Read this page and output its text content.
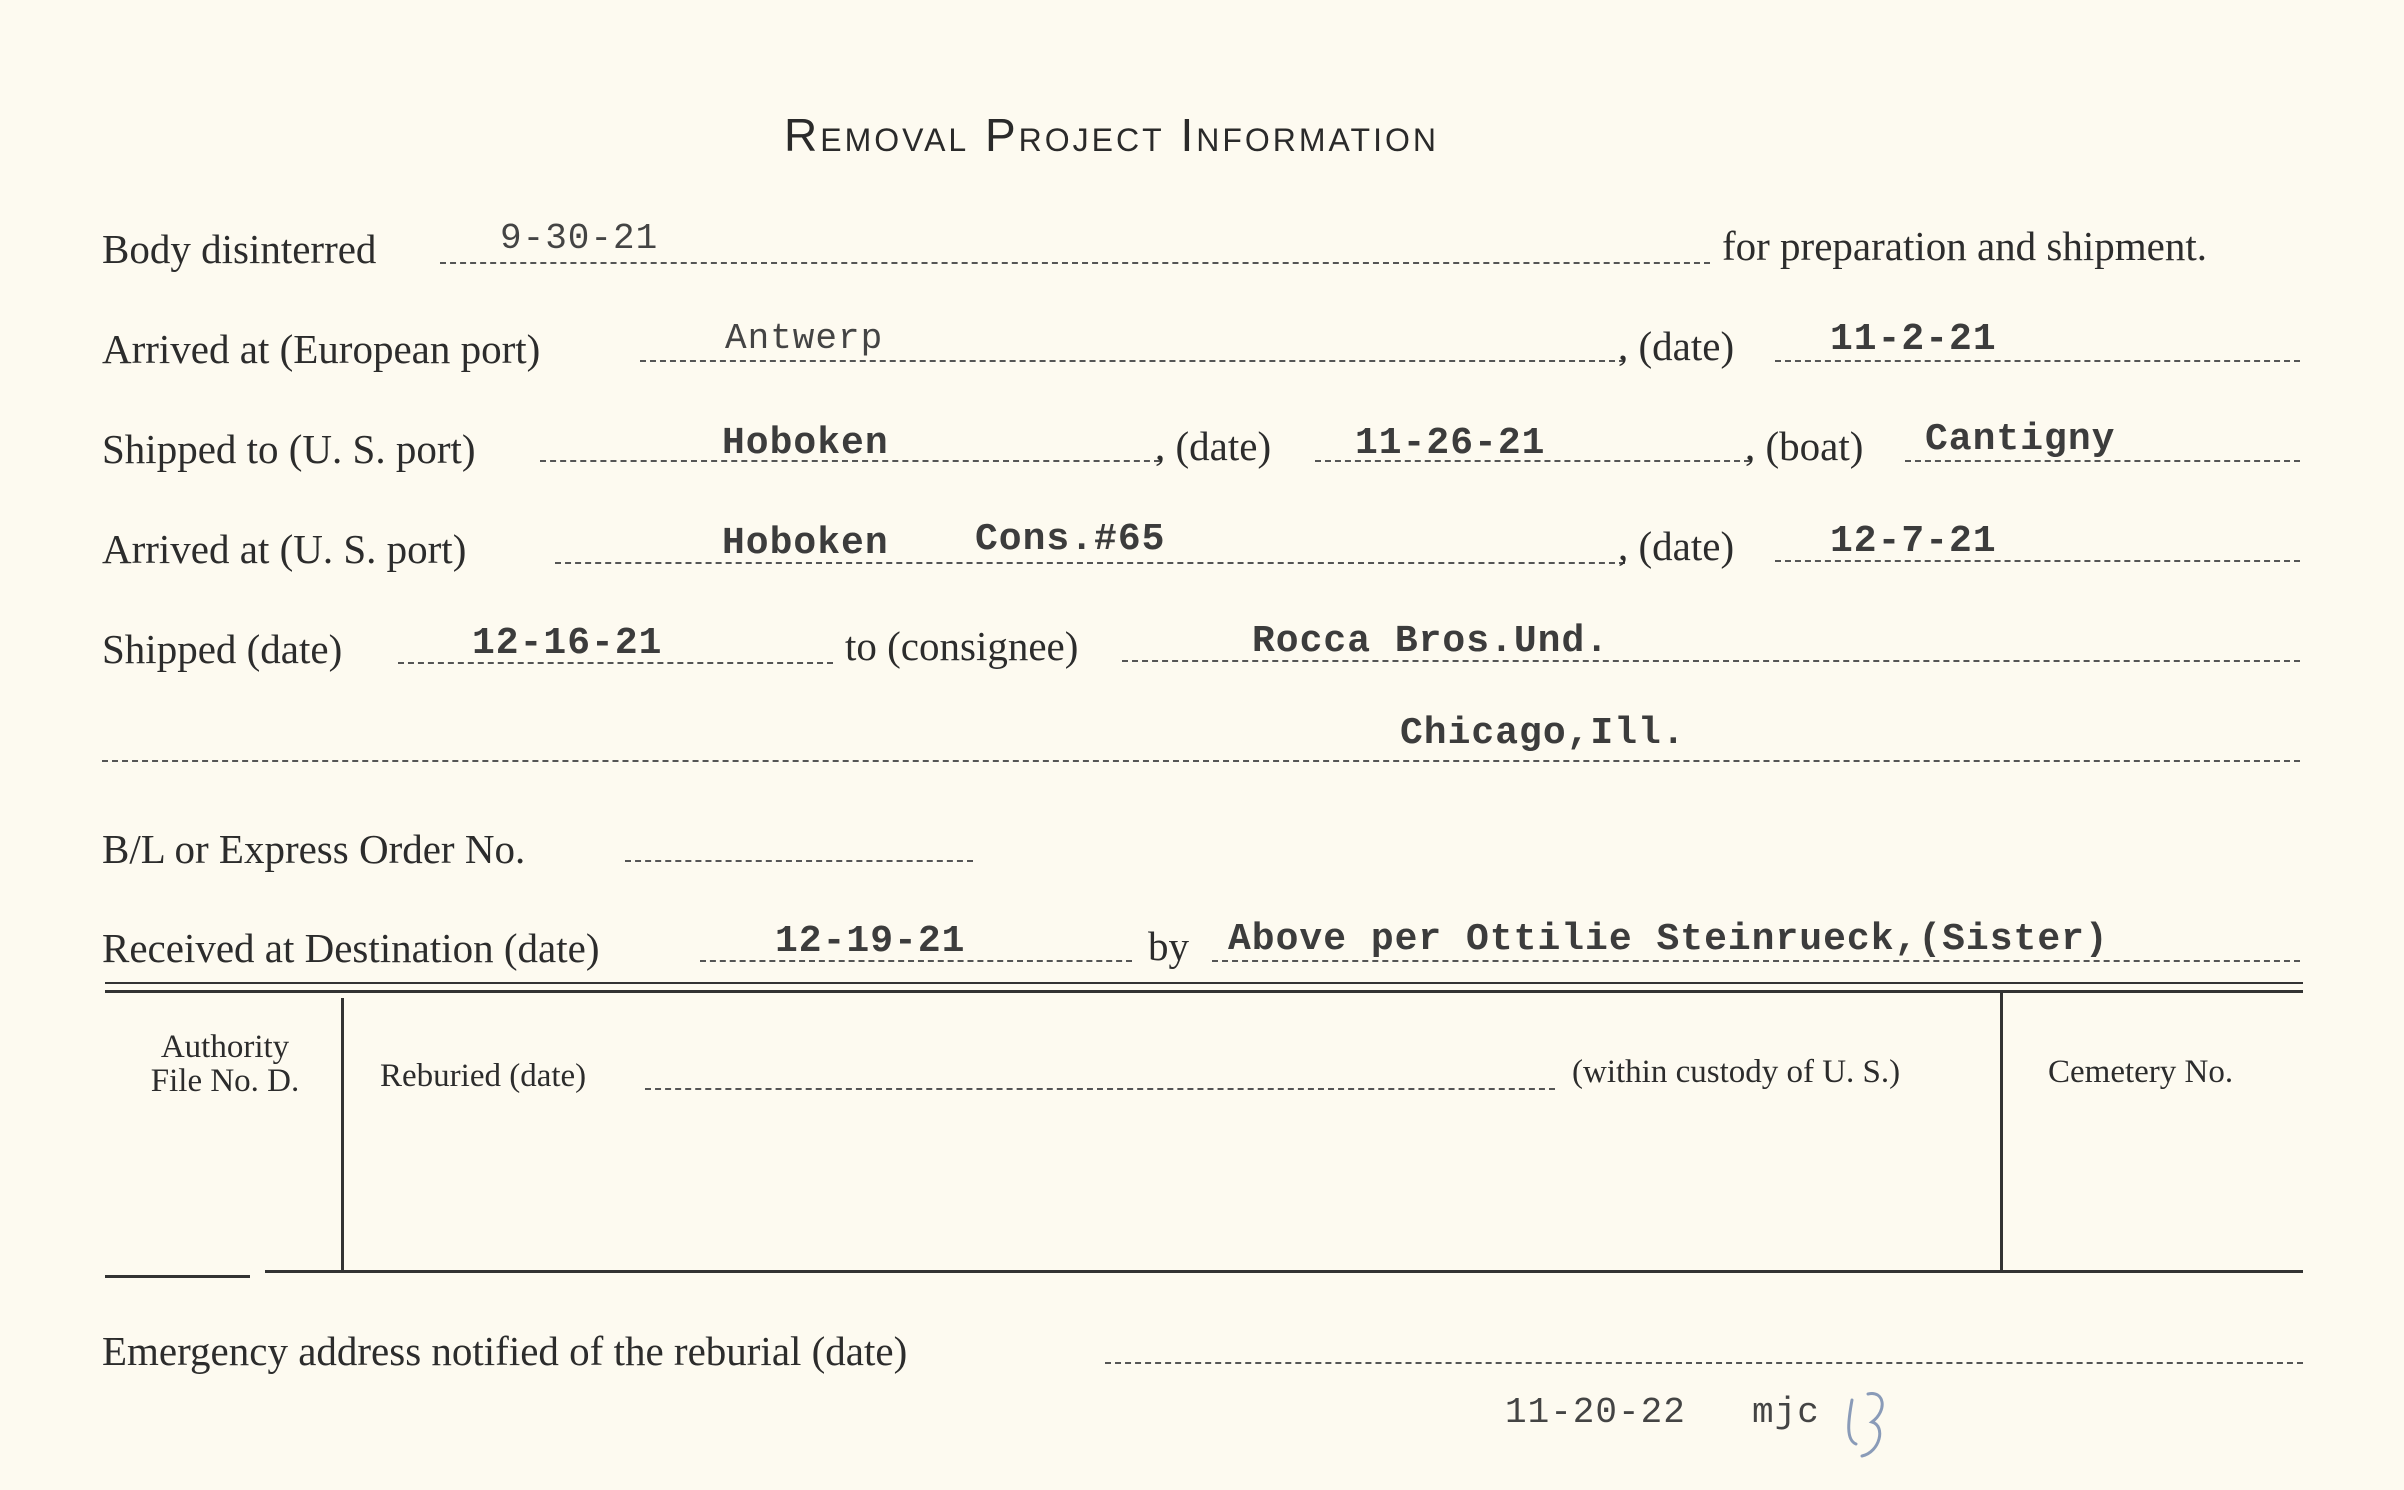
Removal Project Information
Body disinterred	9-30-21	for preparation and shipment.
Arrived at (European port)	Antwerp	, (date)	11-2-21
Shipped to (U. S. port)	Hoboken	, (date) 11-26-21	, (boat) Cantigny
Arrived at (U. S. port)	Hoboken Cons.#65	, (date)	12-7-21
Shipped (date)	12-16-21	to (consignee)	Rocca Bros.Und.
Chicago,Ill.
B/L or Express Order No.
Received at Destination (date)	12-19-21	by Above per Ottilie Steinrueck,(Sister)
Authority
File No. D.	Reburied (date)	(within custody of U. S.)	Cemetery No.
Emergency address notified of the reburial (date)
11-20-22 mjc
